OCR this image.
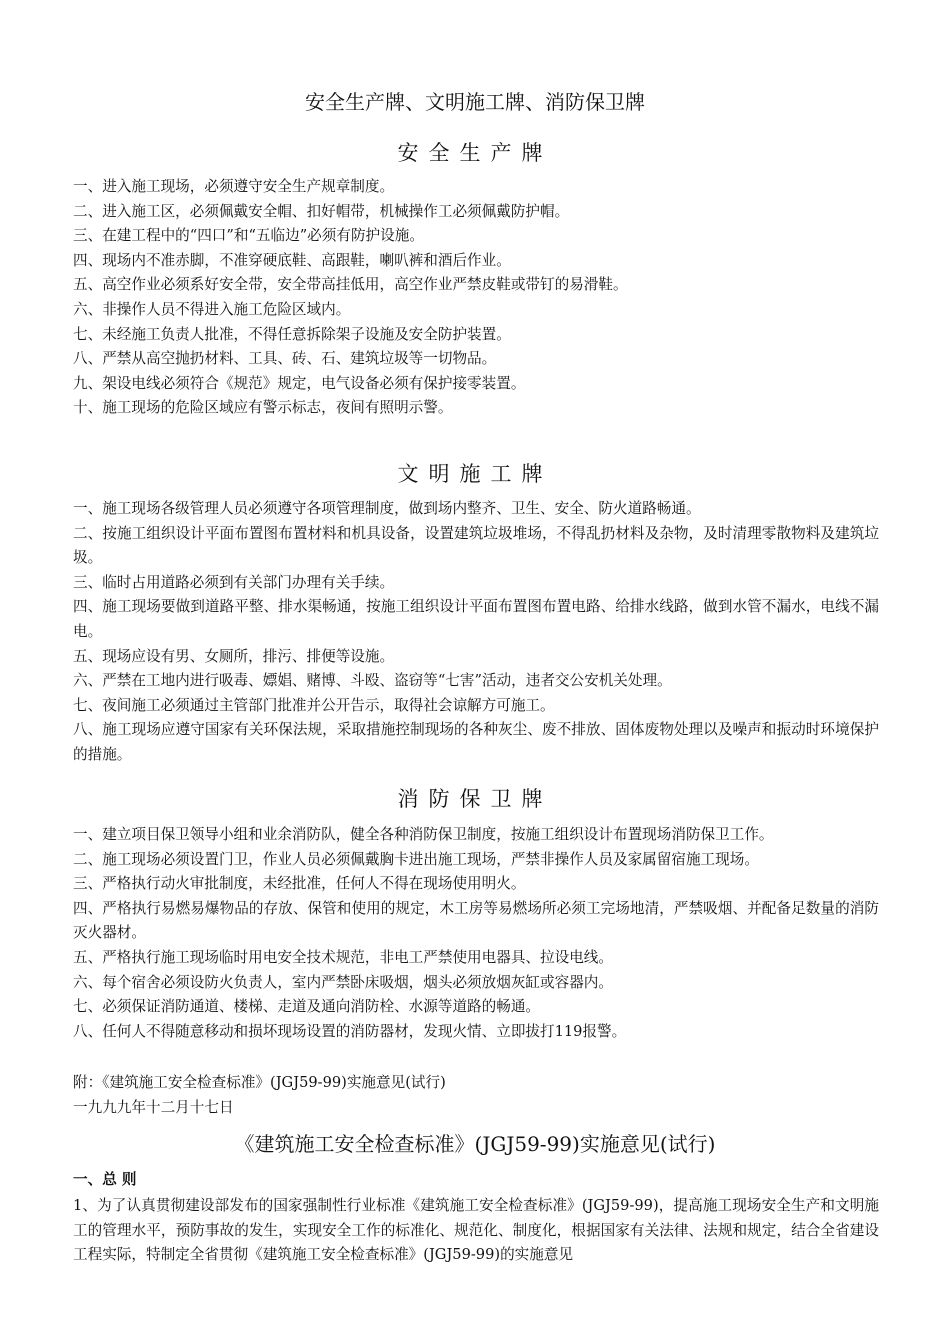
安全生产牌、文明施工牌、消防保卫牌
安全生产牌
一、进入施工现场，必须遵守安全生产规章制度。
二、进入施工区，必须佩戴安全帽、扣好帽带，机械操作工必须佩戴防护帽。
三、在建工程中的“四口”和“五临边”必须有防护设施。
四、现场内不准赤脚，不准穿硬底鞋、高跟鞋，喇叭裤和酒后作业。
五、高空作业必须系好安全带，安全带高挂低用，高空作业严禁皮鞋或带钉的易滑鞋。
六、非操作人员不得进入施工危险区域内。
七、未经施工负责人批准，不得任意拆除架子设施及安全防护装置。
八、严禁从高空抛扔材料、工具、砖、石、建筑垃圾等一切物品。
九、架设电线必须符合《规范》规定，电气设备必须有保护接零装置。
十、施工现场的危险区域应有警示标志，夜间有照明示警。
文明施工牌
一、施工现场各级管理人员必须遵守各项管理制度，做到场内整齐、卫生、安全、防火道路畅通。
二、按施工组织设计平面布置图布置材料和机具设备，设置建筑垃圾堆场，不得乱扔材料及杂物，及时清理零散物料及建筑垃圾。
三、临时占用道路必须到有关部门办理有关手续。
四、施工现场要做到道路平整、排水渠畅通，按施工组织设计平面布置图布置电路、给排水线路，做到水管不漏水，电线不漏电。
五、现场应设有男、女厕所，排污、排便等设施。
六、严禁在工地内进行吸毒、嫖娼、赌博、斗殴、盗窃等“七害”活动，违者交公安机关处理。
七、夜间施工必须通过主管部门批准并公开告示，取得社会谅解方可施工。
八、施工现场应遵守国家有关环保法规，采取措施控制现场的各种灰尘、废不排放、固体废物处理以及噪声和振动时环境保护的措施。
消防保卫牌
一、建立项目保卫领导小组和业余消防队，健全各种消防保卫制度，按施工组织设计布置现场消防保卫工作。
二、施工现场必须设置门卫，作业人员必须佩戴胸卡进出施工现场，严禁非操作人员及家属留宿施工现场。
三、严格执行动火审批制度，未经批准，任何人不得在现场使用明火。
四、严格执行易燃易爆物品的存放、保管和使用的规定，木工房等易燃场所必须工完场地清，严禁吸烟、并配备足数量的消防灭火器材。
五、严格执行施工现场临时用电安全技术规范，非电工严禁使用电器具、拉设电线。
六、每个宿舍必须设防火负责人，室内严禁卧床吸烟，烟头必须放烟灰缸或容器内。
七、必须保证消防通道、楼梯、走道及通向消防栓、水源等道路的畅通。
八、任何人不得随意移动和损坏现场设置的消防器材，发现火情、立即拔打119报警。
附：《建筑施工安全检查标准》(JGJ59-99)实施意见(试行)
一九九九年十二月十七日
《建筑施工安全检查标准》(JGJ59-99)实施意见(试行)
一、总 则

1、为了认真贯彻建设部发布的国家强制性行业标准《建筑施工安全检查标准》(JGJ59-99)，提高施工现场安全生产和文明施工的管理水平，预防事故的发生，实现安全工作的标准化、规范化、制度化，根据国家有关法律、法规和规定，结合全省建设工程实际，特制定全省贯彻《建筑施工安全检查标准》(JGJ59-99)的实施意见
